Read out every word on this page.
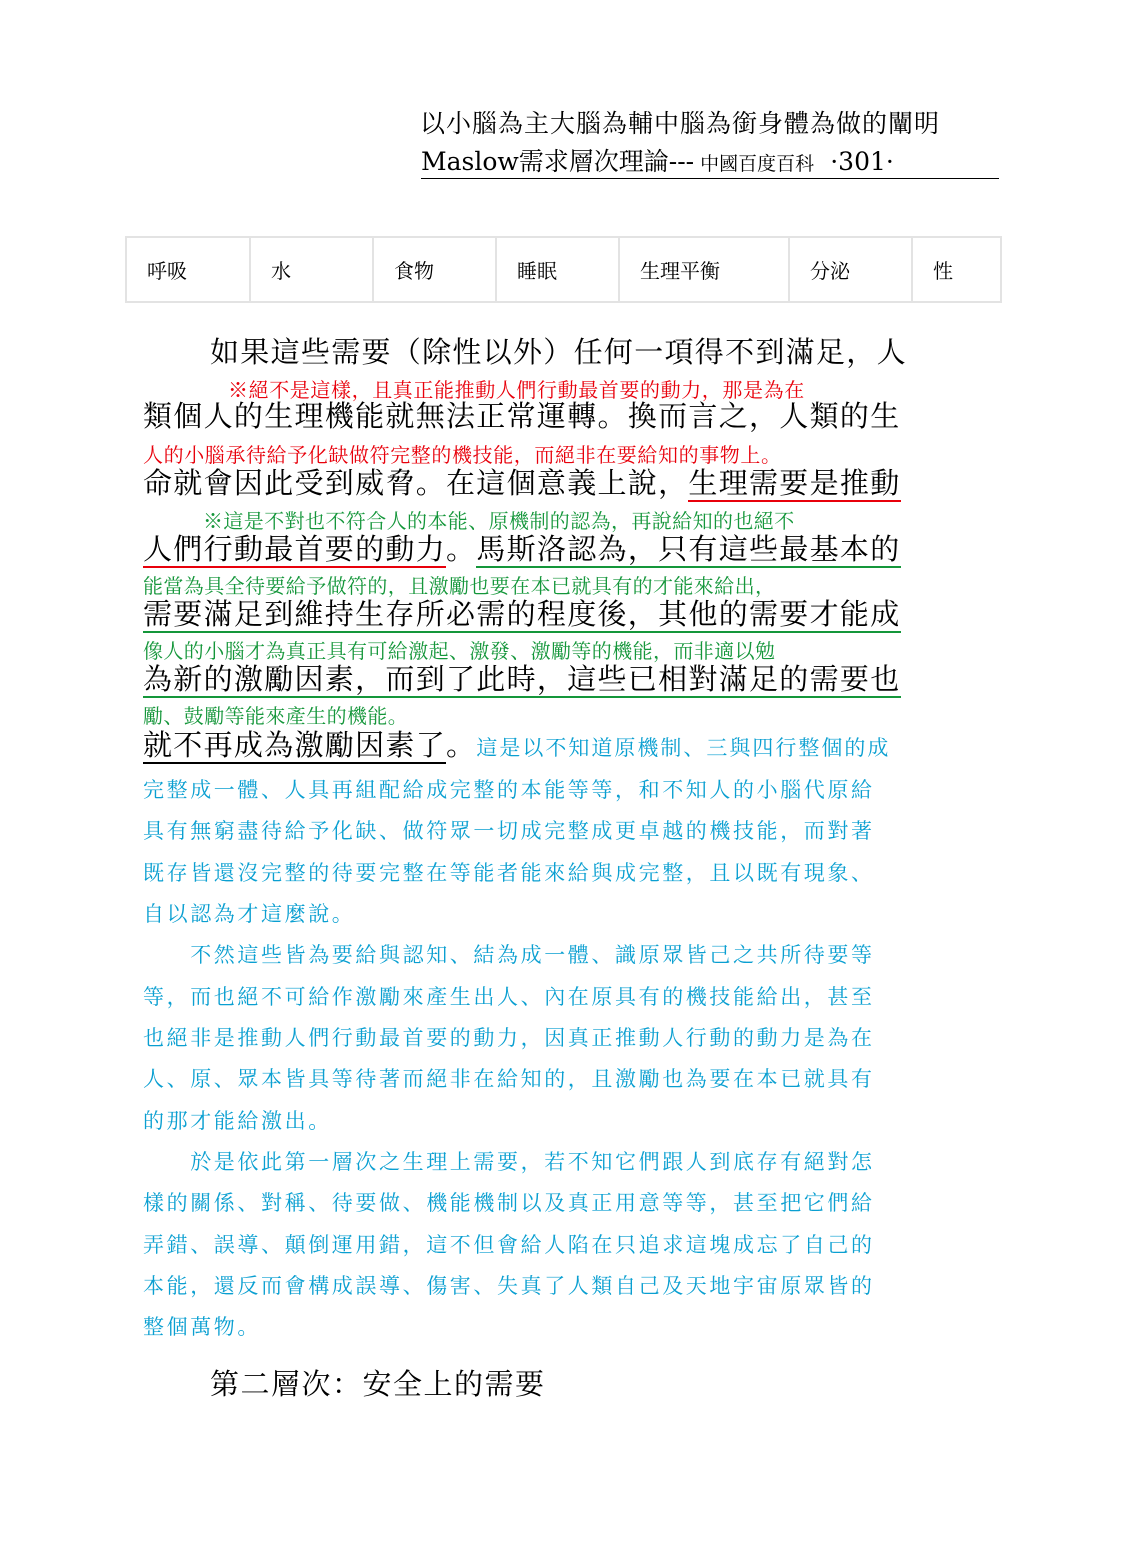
以小腦為主大腦為輔中腦為銜身體為做的闡明
Maslow需求層次理論--- 中國百度百科 ·301·
呼吸	水	食物	睡眠	生理平衡	分泌	性
如果這些需要（除性以外）任何一項得不到滿足，人
※絕不是這樣，且真正能推動人們行動最首要的動力，那是為在
類個人的生理機能就無法正常運轉。換而言之，人類的生
人的小腦承待給予化缺做符完整的機技能，而絕非在要給知的事物上。
命就會因此受到威脅。在這個意義上說，生理需要是推動
※這是不對也不符合人的本能、原機制的認為，再說給知的也絕不
人們行動最首要的動力。馬斯洛認為，只有這些最基本的
能當為具全待要給予做符的，且激勵也要在本已就具有的才能來給出，
需要滿足到維持生存所必需的程度後，其他的需要才能成
像人的小腦才為真正具有可給激起、激發、激勵等的機能，而非適以勉
為新的激勵因素，而到了此時，這些已相對滿足的需要也
勵、鼓勵等能來產生的機能。
就不再成為激勵因素了。這是以不知道原機制、三與四行整個的成
完整成一體、人具再組配給成完整的本能等等，和不知人的小腦代原給
具有無窮盡待給予化缺、做符眾一切成完整成更卓越的機技能，而對著
既存皆還沒完整的待要完整在等能者能來給與成完整，且以既有現象、
自以認為才這麼說。
　　不然這些皆為要給與認知、結為成一體、識原眾皆己之共所待要等
等，而也絕不可給作激勵來產生出人、內在原具有的機技能給出，甚至
也絕非是推動人們行動最首要的動力，因真正推動人行動的動力是為在
人、原、眾本皆具等待著而絕非在給知的，且激勵也為要在本已就具有
的那才能給激出。
　　於是依此第一層次之生理上需要，若不知它們跟人到底存有絕對怎
樣的關係、對稱、待要做、機能機制以及真正用意等等，甚至把它們給
弄錯、誤導、顛倒運用錯，這不但會給人陷在只追求這塊成忘了自己的
本能，還反而會構成誤導、傷害、失真了人類自己及天地宇宙原眾皆的
整個萬物。
第二層次：安全上的需要
